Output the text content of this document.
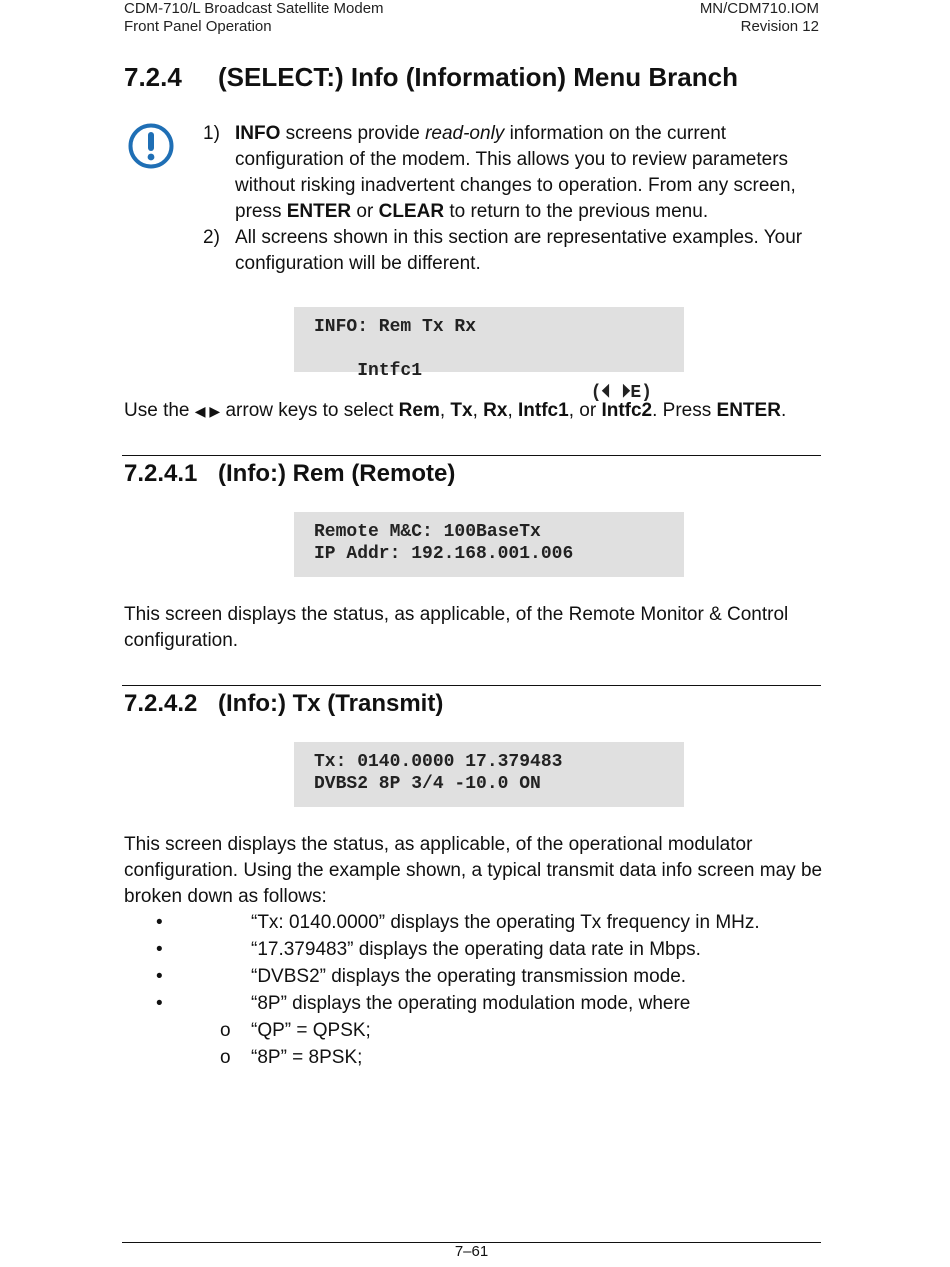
CDM-710/L Broadcast Satellite Modem
Front Panel Operation
MN/CDM710.IOM
Revision 12
7.2.4 (SELECT:) Info (Information) Menu Branch
1) INFO screens provide read-only information on the current configuration of the modem. This allows you to review parameters without risking inadvertent changes to operation. From any screen, press ENTER or CLEAR to return to the previous menu.
2) All screens shown in this section are representative examples. Your configuration will be different.
INFO: Rem Tx Rx

Intfc1

(⏴ ⏵E)

Use the ◀ ▶ arrow keys to select Rem, Tx, Rx, Intfc1, or Intfc2. Press ENTER.
7.2.4.1 (Info:) Rem (Remote)
Remote M&C: 100BaseTx
IP Addr: 192.168.001.006
This screen displays the status, as applicable, of the Remote Monitor & Control configuration.
7.2.4.2 (Info:) Tx (Transmit)
Tx: 0140.0000 17.379483
DVBS2 8P 3/4 -10.0 ON
This screen displays the status, as applicable, of the operational modulator configuration. Using the example shown, a typical transmit data info screen may be broken down as follows:
•	“Tx: 0140.0000” displays the operating Tx frequency in MHz.
•	“17.379483” displays the operating data rate in Mbps.
•	“DVBS2” displays the operating transmission mode.
•	“8P” displays the operating modulation mode, where
o “QP” = QPSK;
o “8P” = 8PSK;
7–61
